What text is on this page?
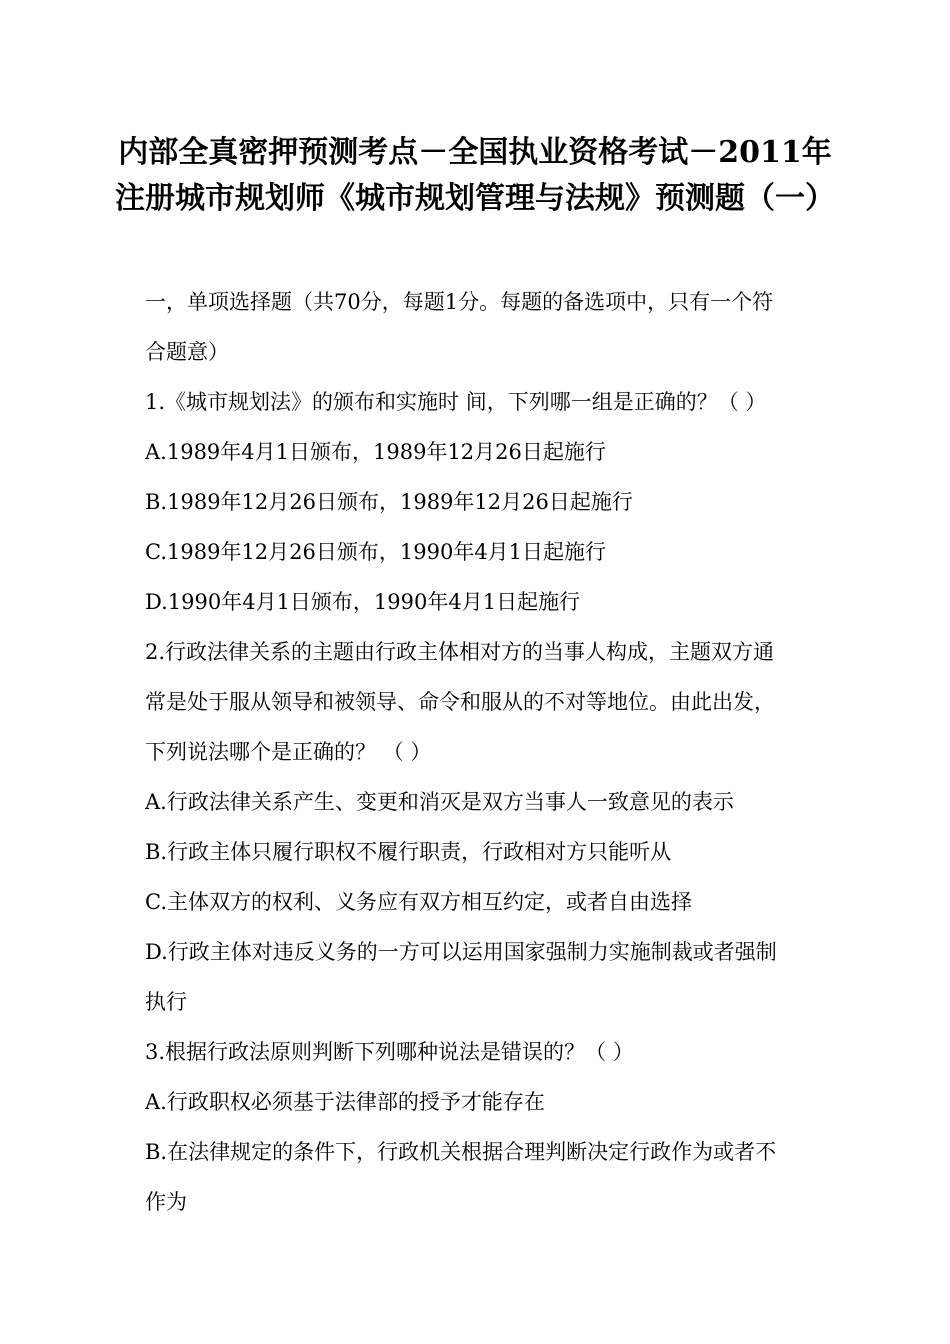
内部全真密押预测考点－全国执业资格考试－2011年
注册城市规划师《城市规划管理与法规》预测题（一）
一，单项选择题（共70分，每题1分。每题的备选项中，只有一个符
合题意）
1.《城市规划法》的颁布和实施时 间，下列哪一组是正确的？（ ）
A.1989年4月1日颁布，1989年12月26日起施行
B.1989年12月26日颁布，1989年12月26日起施行
C.1989年12月26日颁布，1990年4月1日起施行
D.1990年4月1日颁布，1990年4月1日起施行
2.行政法律关系的主题由行政主体相对方的当事人构成，主题双方通
常是处于服从领导和被领导、命令和服从的不对等地位。由此出发，
下列说法哪个是正确的？ （ ）
A.行政法律关系产生、变更和消灭是双方当事人一致意见的表示
B.行政主体只履行职权不履行职责，行政相对方只能听从
C.主体双方的权利、义务应有双方相互约定，或者自由选择
D.行政主体对违反义务的一方可以运用国家强制力实施制裁或者强制
执行
3.根据行政法原则判断下列哪种说法是错误的？（ ）
A.行政职权必须基于法律部的授予才能存在
B.在法律规定的条件下，行政机关根据合理判断决定行政作为或者不
作为
